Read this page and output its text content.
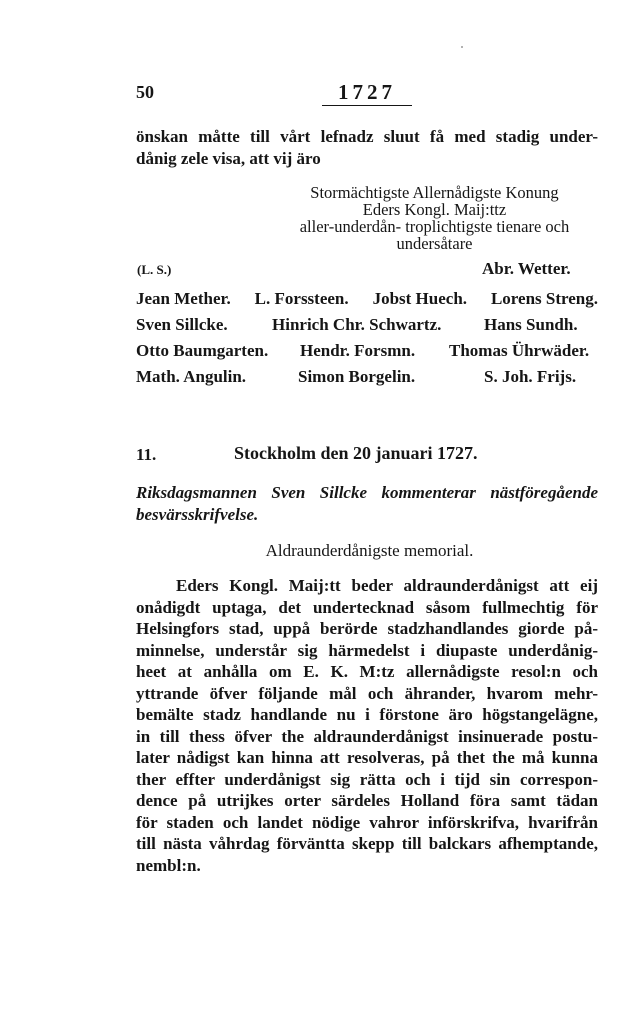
50	1727
önskan måtte till vårt lefnadz sluut få med stadig under-
dånig zele visa, att vij äro
Stormächtigste Allernådigste Konung
Eders Kongl. Maij:ttz
aller-underdån- troplichtigste tienare och
undersåtare
(L. S.)	Abr. Wetter.
Jean Mether. L. Forssteen. Jobst Huech. Lorens Streng.
Sven Sillcke.	Hinrich Chr. Schwartz.	Hans Sundh.
Otto Baumgarten. Hendr. Forsmn. Thomas Ührwäder.
Math. Angulin.	Simon Borgelin.	S. Joh. Frijs.
11.	Stockholm den 20 januari 1727.
Riksdagsmannen Sven Sillcke kommenterar nästföregående
besvärsskrifvelse.
Aldraunderdånigste memorial.
Eders Kongl. Maij:tt beder aldraunderdånigst att eij
onådigdt uptaga, det undertecknad såsom fullmechtig för
Helsingfors stad, uppå berörde stadzhandlandes giorde på-
minnelse, understår sig härmedelst i diupaste underdånig-
heet at anhålla om E. K. M:tz allernådigste resol:n och
yttrande öfver följande mål och ährander, hvarom mehr-
bemälte stadz handlande nu i förstone äro högstangelägne,
in till thess öfver the aldraunderdånigst insinuerade postu-
later nådigst kan hinna att resolveras, på thet the må kunna
ther effter underdånigst sig rätta och i tijd sin correspon-
dence på utrijkes orter särdeles Holland föra samt tädan
för staden och landet nödige vahror införskrifva, hvarifrån
till nästa våhrdag förväntta skepp till balckars afhemptande,
nembl:n.
